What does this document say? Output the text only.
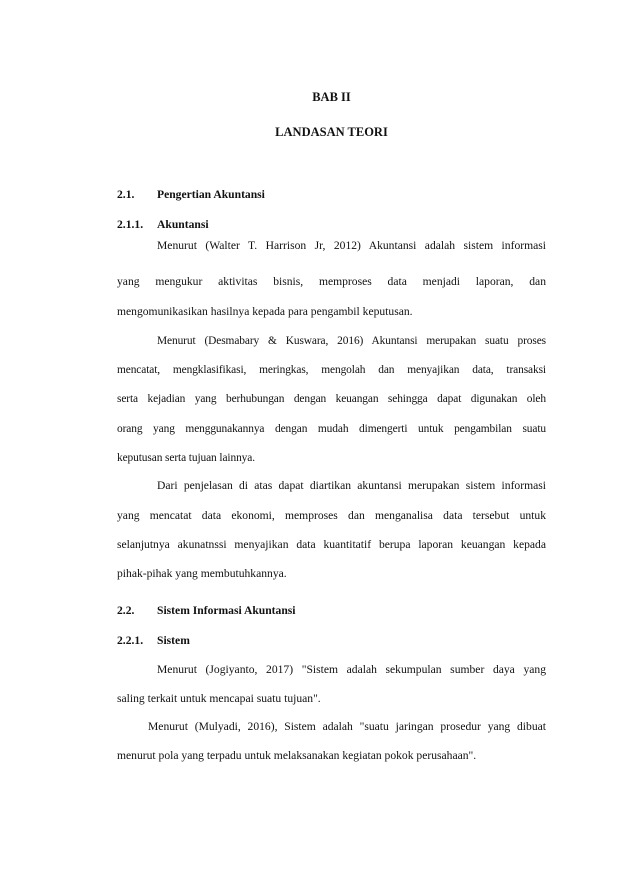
BAB II
LANDASAN TEORI
2.1. Pengertian Akuntansi
2.1.1. Akuntansi
Menurut (Walter T. Harrison Jr, 2012) Akuntansi adalah sistem informasi
yang mengukur aktivitas bisnis, memproses data menjadi laporan, dan
mengomunikasikan hasilnya kepada para pengambil keputusan.
Menurut (Desmabary & Kuswara, 2016) Akuntansi merupakan suatu proses
mencatat, mengklasifikasi, meringkas, mengolah dan menyajikan data, transaksi
serta kejadian yang berhubungan dengan keuangan sehingga dapat digunakan oleh
orang yang menggunakannya dengan mudah dimengerti untuk pengambilan suatu
keputusan serta tujuan lainnya.
Dari penjelasan di atas dapat diartikan akuntansi merupakan sistem informasi
yang mencatat data ekonomi, memproses dan menganalisa data tersebut untuk
selanjutnya akunatnssi menyajikan data kuantitatif berupa laporan keuangan kepada
pihak-pihak yang membutuhkannya.
2.2. Sistem Informasi Akuntansi
2.2.1. Sistem
Menurut (Jogiyanto, 2017) "Sistem adalah sekumpulan sumber daya yang
saling terkait untuk mencapai suatu tujuan".
Menurut (Mulyadi, 2016), Sistem adalah "suatu jaringan prosedur yang dibuat
menurut pola yang terpadu untuk melaksanakan kegiatan pokok perusahaan".
